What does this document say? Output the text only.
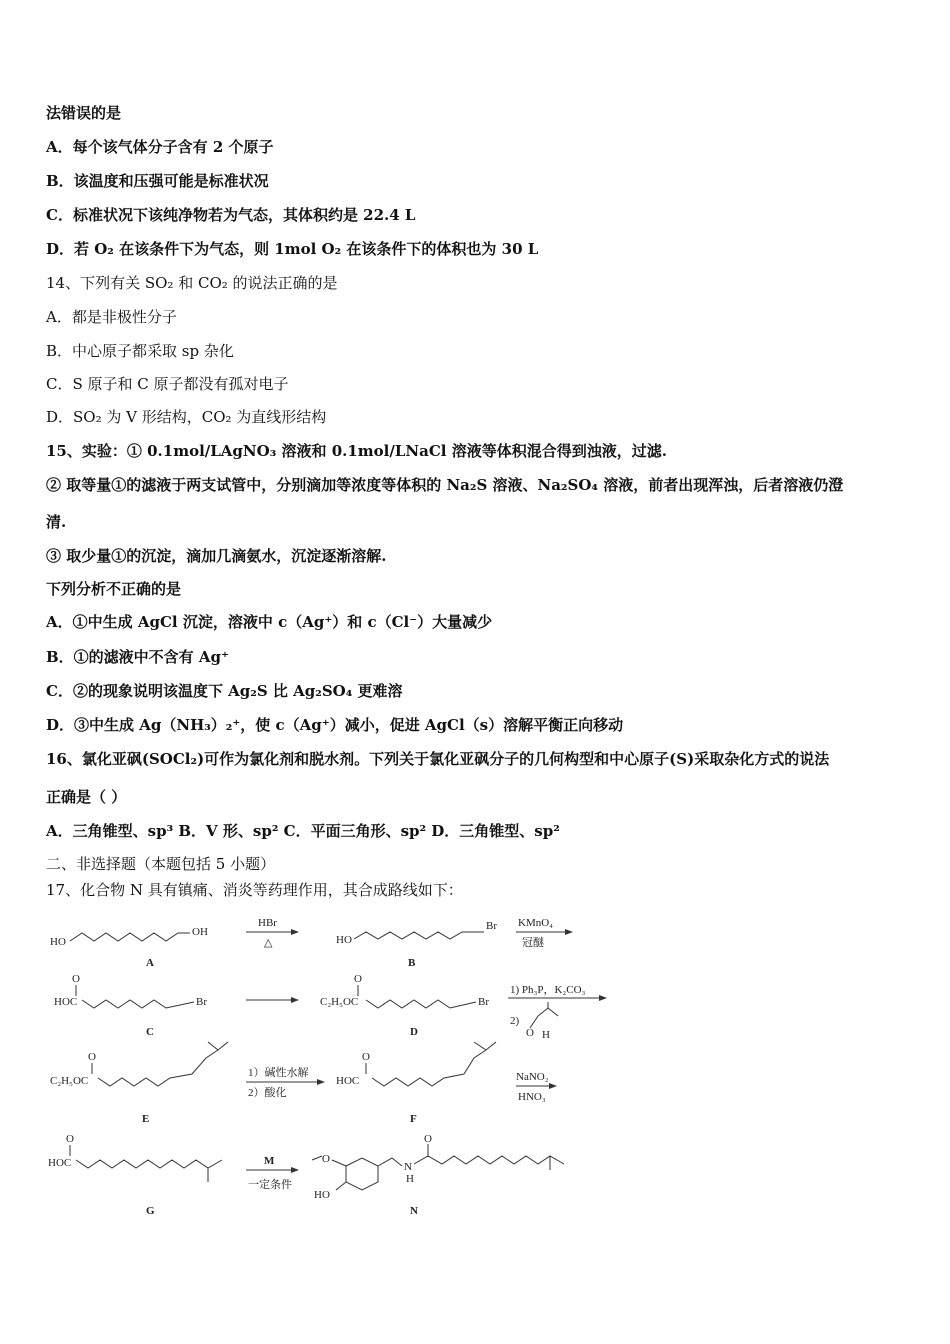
法错误的是
A．每个该气体分子含有 2 个原子
B．该温度和压强可能是标准状况
C．标准状况下该纯净物若为气态，其体积约是 22.4 L
D．若 O₂ 在该条件下为气态，则 1mol O₂ 在该条件下的体积也为 30 L
14、下列有关 SO₂ 和 CO₂ 的说法正确的是
A．都是非极性分子
B．中心原子都采取 sp 杂化
C．S 原子和 C 原子都没有孤对电子
D．SO₂ 为 V 形结构，CO₂ 为直线形结构
15、实验：① 0.1mol/LAgNO₃ 溶液和 0.1mol/LNaCl 溶液等体积混合得到浊液，过滤.
② 取等量①的滤液于两支试管中，分别滴加等浓度等体积的 Na₂S 溶液、Na₂SO₄ 溶液，前者出现浑浊，后者溶液仍澄
清.
③ 取少量①的沉淀，滴加几滴氨水，沉淀逐渐溶解.
下列分析不正确的是
A．①中生成 AgCl 沉淀，溶液中 c（Ag⁺）和 c（Cl⁻）大量减少
B．①的滤液中不含有 Ag⁺
C．②的现象说明该温度下 Ag₂S 比 Ag₂SO₄ 更难溶
D．③中生成 Ag（NH₃）₂⁺，使 c（Ag⁺）减小，促进 AgCl（s）溶解平衡正向移动
16、氯化亚砜(SOCl₂)可作为氯化剂和脱水剂。下列关于氯化亚砜分子的几何构型和中心原子(S)采取杂化方式的说法
正确是（ ）
A．三角锥型、sp³ B．V 形、sp² C．平面三角形、sp² D．三角锥型、sp²
二、非选择题（本题包括 5 小题）
17、化合物 N 具有镇痛、消炎等药理作用，其合成路线如下：
HO
OH
A
HBr
△	HO
Br
B
KMnO₄
冠醚
O
HOC	Br
C
O
C₂H₅OC	Br
D
1) Ph₃P，K₂CO₃
2)
O H
O
C₂H₅OC
E
1）碱性水解
2）酸化
O
HOC
F
NaNO₂
HNO₃
O
HOC
G
M
一定条件
O
HO
N
H
O
N
